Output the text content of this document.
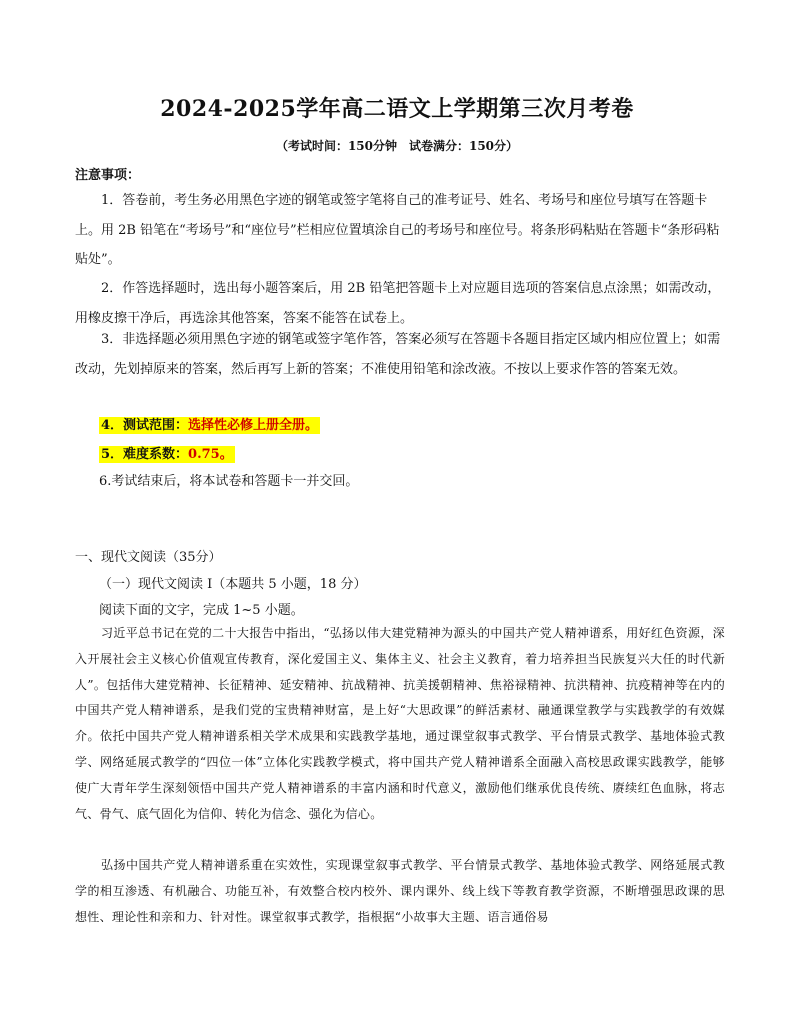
2024-2025学年高二语文上学期第三次月考卷
（考试时间：150分钟　试卷满分：150分）
注意事项：
1．答卷前，考生务必用黑色字迹的钢笔或签字笔将自己的准考证号、姓名、考场号和座位号填写在答题卡上。用 2B 铅笔在“考场号”和“座位号”栏相应位置填涂自己的考场号和座位号。将条形码粘贴在答题卡“条形码粘贴处”。
2．作答选择题时，选出每小题答案后，用 2B 铅笔把答题卡上对应题目选项的答案信息点涂黑；如需改动，用橡皮擦干净后，再选涂其他答案，答案不能答在试卷上。
3．非选择题必须用黑色字迹的钢笔或签字笔作答，答案必须写在答题卡各题目指定区域内相应位置上；如需改动，先划掉原来的答案，然后再写上新的答案；不准使用铅笔和涂改液。不按以上要求作答的答案无效。
4．测试范围：选择性必修上册全册。
5．难度系数：0.75。
6.考试结束后，将本试卷和答题卡一并交回。
一、现代文阅读（35分）
（一）现代文阅读 I（本题共 5 小题，18 分）
阅读下面的文字，完成 1~5 小题。
习近平总书记在党的二十大报告中指出，“弘扬以伟大建党精神为源头的中国共产党人精神谱系，用好红色资源，深入开展社会主义核心价值观宣传教育，深化爱国主义、集体主义、社会主义教育，着力培养担当民族复兴大任的时代新人”。包括伟大建党精神、长征精神、延安精神、抗战精神、抗美援朝精神、焦裕禄精神、抗洪精神、抗疫精神等在内的中国共产党人精神谱系，是我们党的宝贵精神财富，是上好“大思政课”的鲜活素材、融通课堂教学与实践教学的有效媒介。依托中国共产党人精神谱系相关学术成果和实践教学基地，通过课堂叙事式教学、平台情景式教学、基地体验式教学、网络延展式教学的“四位一体”立体化实践教学模式，将中国共产党人精神谱系全面融入高校思政课实践教学，能够使广大青年学生深刻领悟中国共产党人精神谱系的丰富内涵和时代意义，激励他们继承优良传统、赓续红色血脉，将志气、骨气、底气固化为信仰、转化为信念、强化为信心。
弘扬中国共产党人精神谱系重在实效性，实现课堂叙事式教学、平台情景式教学、基地体验式教学、网络延展式教学的相互渗透、有机融合、功能互补，有效整合校内校外、课内课外、线上线下等教育教学资源，不断增强思政课的思想性、理论性和亲和力、针对性。课堂叙事式教学，指根据“小故事大主题、语言通俗易
